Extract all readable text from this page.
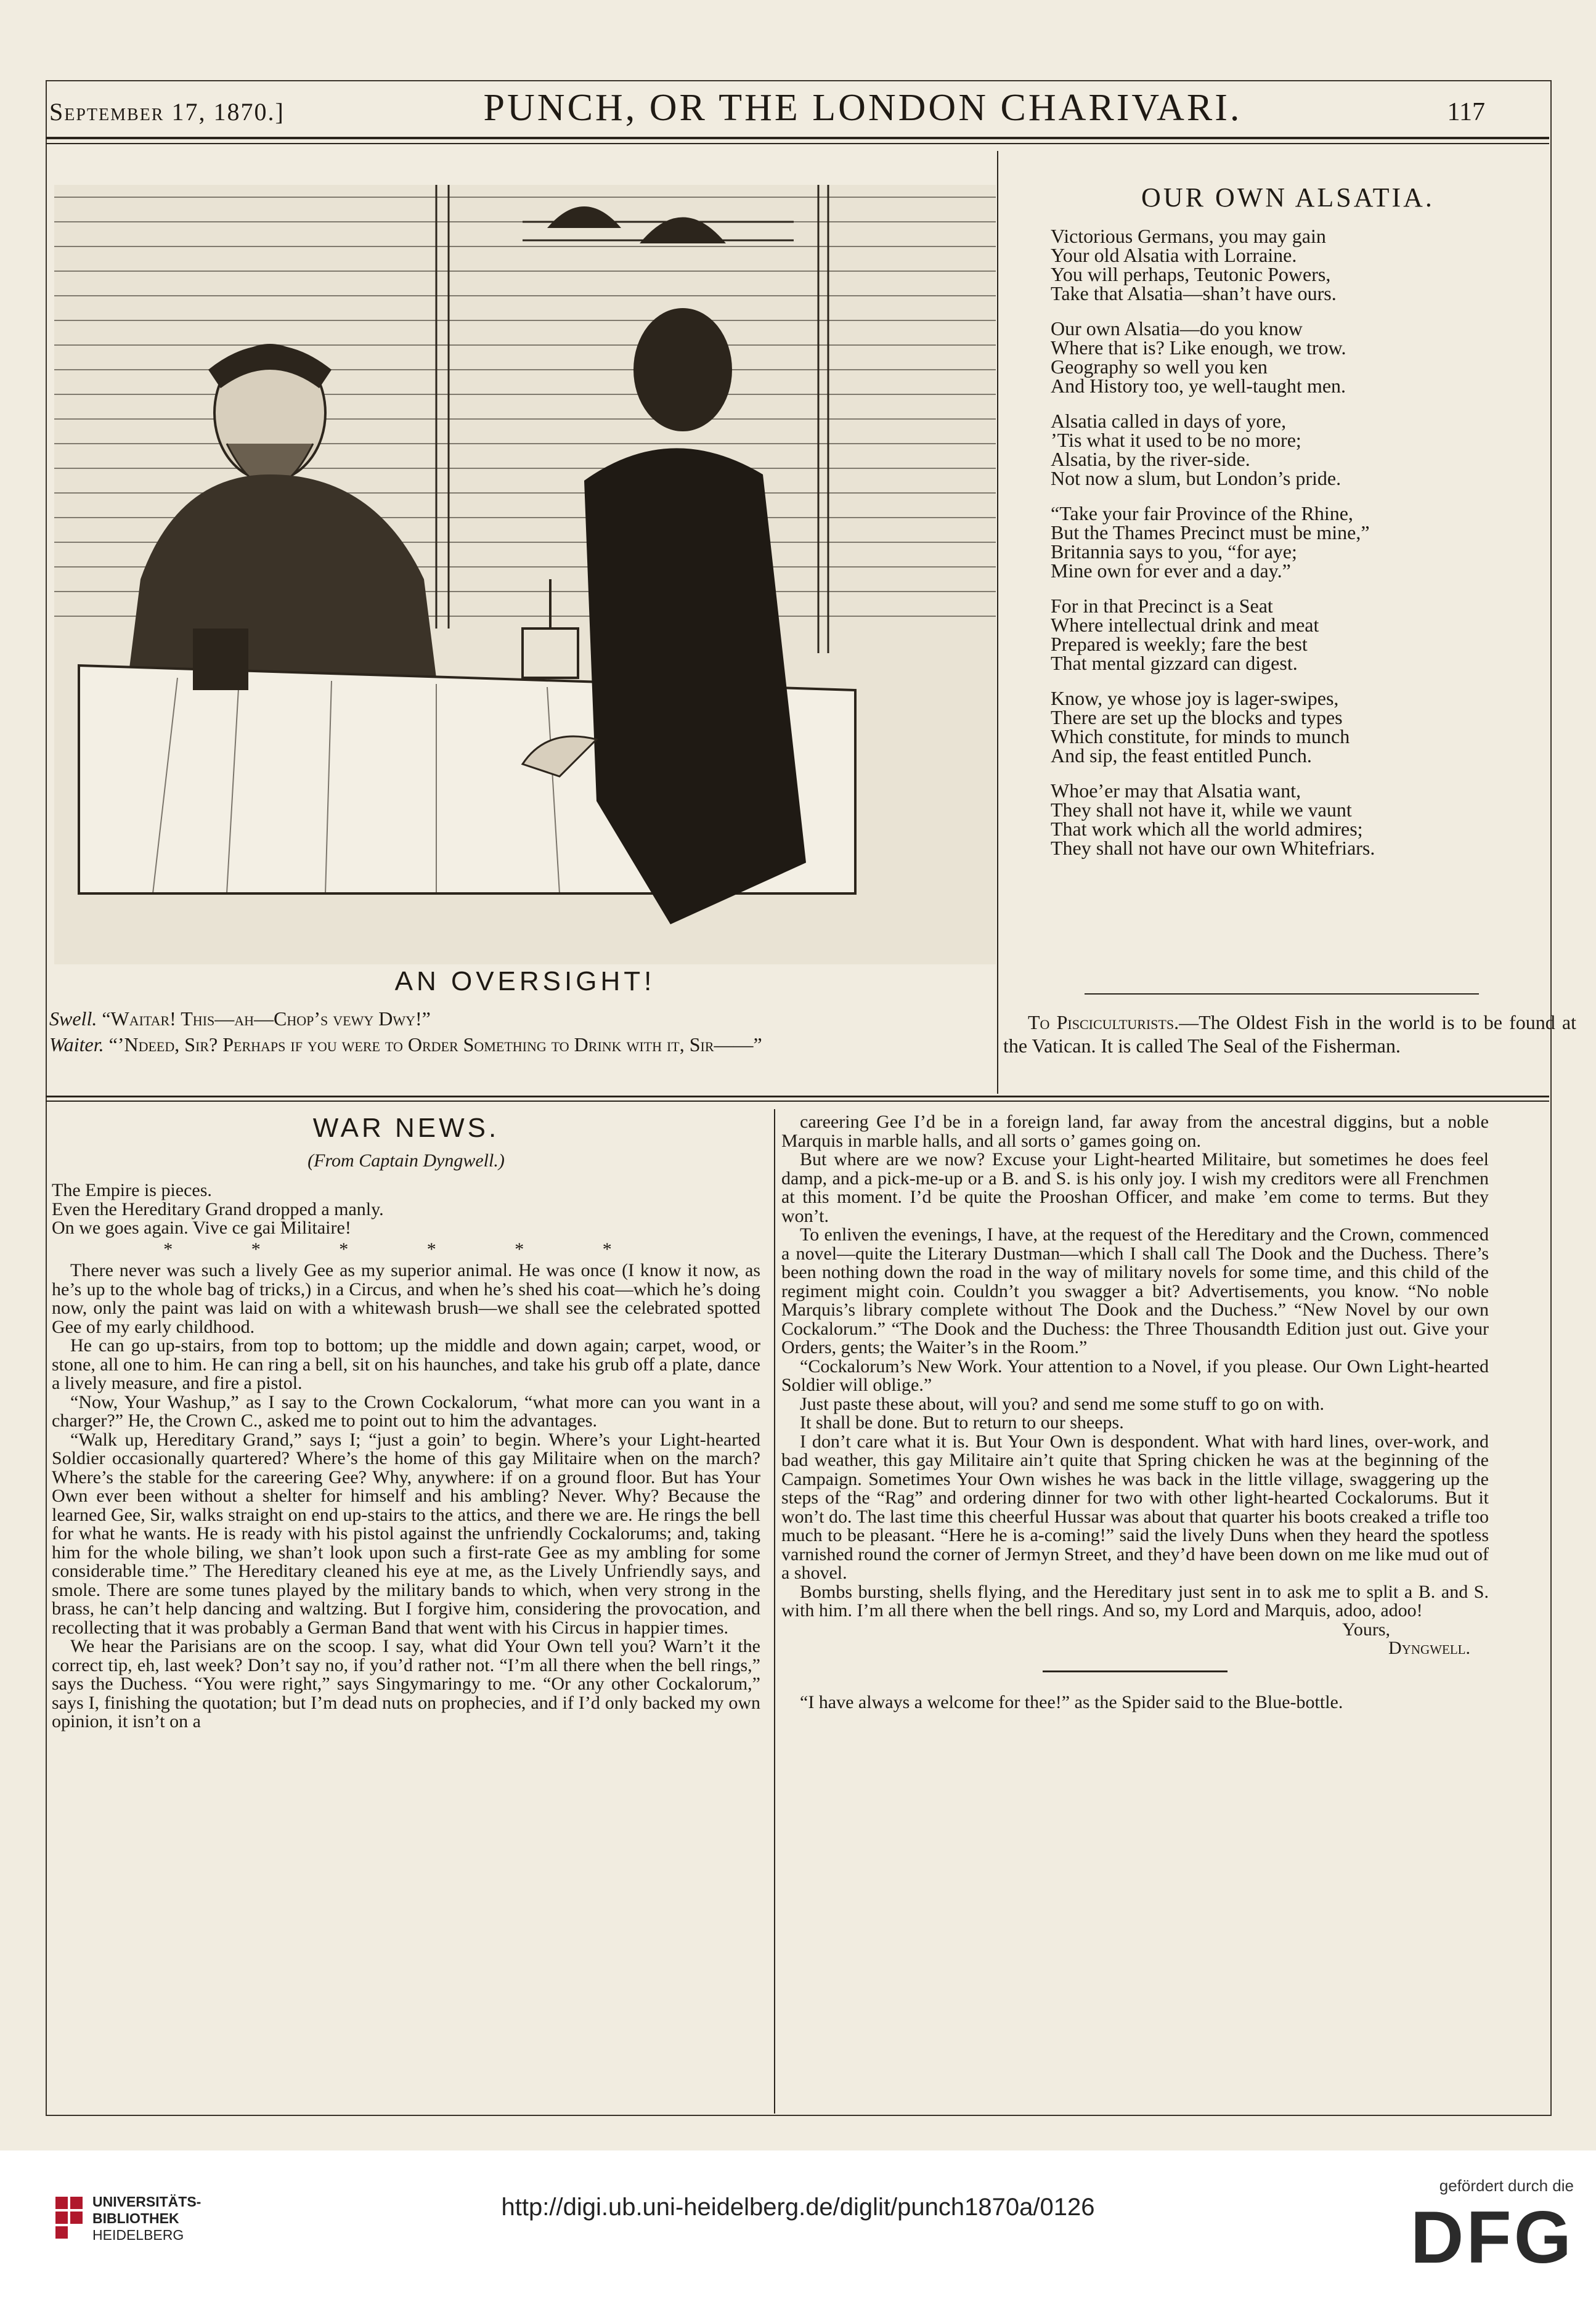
September 17, 1870.]	PUNCH, OR THE LONDON CHARIVARI.	117
AN OVERSIGHT!
Swell. “Waitar! This—ah—Chop’s vewy Dwy!”
Waiter. “’Ndeed, Sir? Perhaps if you were to Order Something to Drink with it, Sir——”
OUR OWN ALSATIA.
Victorious Germans, you may gain
Your old Alsatia with Lorraine.
You will perhaps, Teutonic Powers,
Take that Alsatia—shan’t have ours.
Our own Alsatia—do you know
Where that is? Like enough, we trow.
Geography so well you ken
And History too, ye well-taught men.
Alsatia called in days of yore,
’Tis what it used to be no more;
Alsatia, by the river-side.
Not now a slum, but London’s pride.
“Take your fair Province of the Rhine,
But the Thames Precinct must be mine,”
Britannia says to you, “for aye;
Mine own for ever and a day.”
For in that Precinct is a Seat
Where intellectual drink and meat
Prepared is weekly; fare the best
That mental gizzard can digest.
Know, ye whose joy is lager-swipes,
There are set up the blocks and types
Which constitute, for minds to munch
And sip, the feast entitled Punch.
Whoe’er may that Alsatia want,
They shall not have it, while we vaunt
That work which all the world admires;
They shall not have our own Whitefriars.
To Pisciculturists.—The Oldest Fish in the world is to be found at the Vatican. It is called The Seal of the Fisherman.
WAR NEWS.
(From Captain Dyngwell.)
The Empire is pieces.
Even the Hereditary Grand dropped a manly.
On we goes again. Vive ce gai Militaire!
* * * * * *

There never was such a lively Gee as my superior animal. He was once (I know it now, as he’s up to the whole bag of tricks,) in a Circus, and when he’s shed his coat—which he’s doing now, only the paint was laid on with a whitewash brush—we shall see the celebrated spotted Gee of my early childhood.

He can go up-stairs, from top to bottom; up the middle and down again; carpet, wood, or stone, all one to him. He can ring a bell, sit on his haunches, and take his grub off a plate, dance a lively measure, and fire a pistol.

“Now, Your Washup,” as I say to the Crown Cockalorum, “what more can you want in a charger?” He, the Crown C., asked me to point out to him the advantages.

“Walk up, Hereditary Grand,” says I; “just a goin’ to begin. Where’s your Light-hearted Soldier occasionally quartered? Where’s the home of this gay Militaire when on the march? Where’s the stable for the careering Gee? Why, anywhere: if on a ground floor. But has Your Own ever been without a shelter for himself and his ambling? Never. Why? Because the learned Gee, Sir, walks straight on end up-stairs to the attics, and there we are. He rings the bell for what he wants. He is ready with his pistol against the unfriendly Cockalorums; and, taking him for the whole biling, we shan’t look upon such a first-rate Gee as my ambling for some considerable time.” The Hereditary cleaned his eye at me, as the Lively Unfriendly says, and smole. There are some tunes played by the military bands to which, when very strong in the brass, he can’t help dancing and waltzing. But I forgive him, considering the provocation, and recollecting that it was probably a German Band that went with his Circus in happier times.

We hear the Parisians are on the scoop. I say, what did Your Own tell you? Warn’t it the correct tip, eh, last week? Don’t say no, if you’d rather not. “I’m all there when the bell rings,” says the Duchess. “You were right,” says Singymaringy to me. “Or any other Cockalorum,” says I, finishing the quotation; but I’m dead nuts on prophecies, and if I’d only backed my own opinion, it isn’t on a

careering Gee I’d be in a foreign land, far away from the ancestral diggins, but a noble Marquis in marble halls, and all sorts o’ games going on.

But where are we now? Excuse your Light-hearted Militaire, but sometimes he does feel damp, and a pick-me-up or a B. and S. is his only joy. I wish my creditors were all Frenchmen at this moment. I’d be quite the Prooshan Officer, and make ’em come to terms. But they won’t.

To enliven the evenings, I have, at the request of the Hereditary and the Crown, commenced a novel—quite the Literary Dustman—which I shall call The Dook and the Duchess. There’s been nothing down the road in the way of military novels for some time, and this child of the regiment might coin. Couldn’t you swagger a bit? Advertisements, you know. “No noble Marquis’s library complete without The Dook and the Duchess.” “New Novel by our own Cockalorum.” “The Dook and the Duchess: the Three Thousandth Edition just out. Give your Orders, gents; the Waiter’s in the Room.”

“Cockalorum’s New Work. Your attention to a Novel, if you please. Our Own Light-hearted Soldier will oblige.”

Just paste these about, will you? and send me some stuff to go on with.

It shall be done. But to return to our sheeps.

I don’t care what it is. But Your Own is despondent. What with hard lines, over-work, and bad weather, this gay Militaire ain’t quite that Spring chicken he was at the beginning of the Campaign. Sometimes Your Own wishes he was back in the little village, swaggering up the steps of the “Rag” and ordering dinner for two with other light-hearted Cockalorums. But it won’t do. The last time this cheerful Hussar was about that quarter his boots creaked a trifle too much to be pleasant. “Here he is a-coming!” said the lively Duns when they heard the spotless varnished round the corner of Jermyn Street, and they’d have been down on me like mud out of a shovel.

Bombs bursting, shells flying, and the Hereditary just sent in to ask me to split a B. and S. with him. I’m all there when the bell rings. And so, my Lord and Marquis, adoo, adoo!

Yours,
Dyngwell.

“I have always a welcome for thee!” as the Spider said to the Blue-bottle.

UNIVERSITÄTS-
BIBLIOTHEK
HEIDELBERG
http://digi.ub.uni-heidelberg.de/diglit/punch1870a/0126
gefördert durch die
DFG
